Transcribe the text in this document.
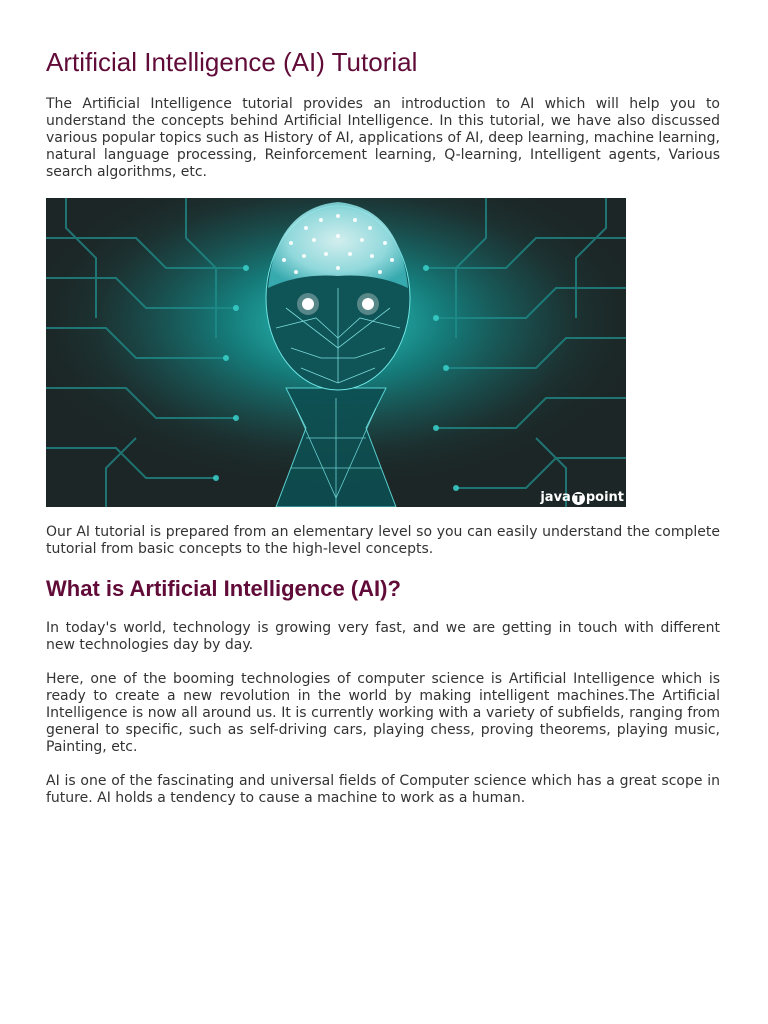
Artificial Intelligence (AI) Tutorial

The Artificial Intelligence tutorial provides an introduction to AI which will help you to understand the concepts behind Artificial Intelligence. In this tutorial, we have also discussed various popular topics such as History of AI, applications of AI, deep learning, machine learning, natural language processing, Reinforcement learning, Q-learning, Intelligent agents, Various search algorithms, etc.

java T point

Our AI tutorial is prepared from an elementary level so you can easily understand the complete tutorial from basic concepts to the high-level concepts.

What is Artificial Intelligence (AI)?

In today's world, technology is growing very fast, and we are getting in touch with different new technologies day by day.

Here, one of the booming technologies of computer science is Artificial Intelligence which is ready to create a new revolution in the world by making intelligent machines.The Artificial Intelligence is now all around us. It is currently working with a variety of subfields, ranging from general to specific, such as self-driving cars, playing chess, proving theorems, playing music, Painting, etc.

AI is one of the fascinating and universal fields of Computer science which has a great scope in future. AI holds a tendency to cause a machine to work as a human.
